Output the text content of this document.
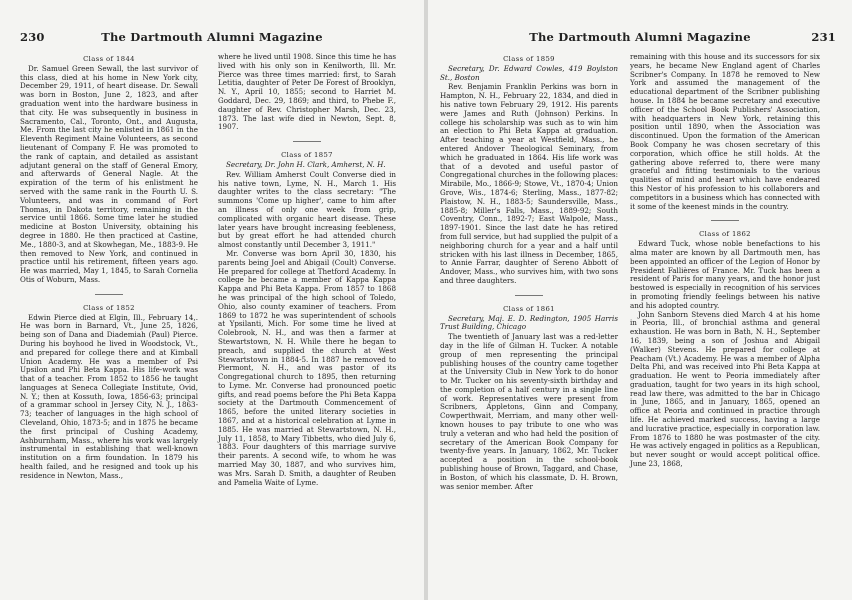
230	The Dartmouth Alumni Magazine
Class of 1844

Dr. Samuel Green Sewall, the last survivor of this class, died at his home in New York city, December 29, 1911, of heart disease. Dr. Sewall was born in Boston, June 2, 1823, and after graduation went into the hardware business in that city. He was subsequently in business in Sacramento, Cal., Toronto, Ont., and Augusta, Me. From the last city he enlisted in 1861 in the Eleventh Regiment Maine Volunteers, as second lieutenant of Company F. He was promoted to the rank of captain, and detailed as assistant adjutant general on the staff of General Emory, and afterwards of General Nagle. At the expiration of the term of his enlistment he served with the same rank in the Fourth U. S. Volunteers, and was in command of Fort Thomas, in Dakota territory, remaining in the service until 1866. Some time later he studied medicine at Boston University, obtaining his degree in 1880. He then practiced at Castine, Me., 1880-3, and at Skowhegan, Me., 1883-9. He then removed to New York, and continued in practice until his retirement, fifteen years ago. He was married, May 1, 1845, to Sarah Cornelia Otis of Woburn, Mass.

Class of 1852

Edwin Pierce died at Elgin, Ill., February 14,. He was born in Barnard, Vt., June 25, 1826, being son of Dana and Diademiah (Paul) Pierce. During his boyhood he lived in Woodstock, Vt., and prepared for college there and at Kimball Union Academy. He was a member of Psi Upsilon and Phi Beta Kappa. His life-work was that of a teacher. From 1852 to 1856 he taught languages at Seneca Collegiate Institute, Ovid, N. Y.; then at Kossuth, Iowa, 1856-63; principal of a grammar school in Jersey City, N. J., 1863-73; teacher of languages in the high school of Cleveland, Ohio, 1873-5; and in 1875 he became the first principal of Cushing Academy, Ashburnham, Mass., where his work was largely instrumental in establishing that well-known institution on a firm foundation. In 1879 his health failed, and he resigned and took up his residence in Newton, Mass.,

where he lived until 1908. Since this time he has lived with his only son in Kenilworth, Ill. Mr. Pierce was three times married: first, to Sarah Letitia, daughter of Peter De Forest of Brooklyn, N. Y., April 10, 1855; second to Harriet M. Goddard, Dec. 29, 1869; and third, to Phebe F., daughter of Rev. Christopher Marsh, Dec. 23, 1873. The last wife died in Newton, Sept. 8, 1907.

Class of 1857

Secretary, Dr. John H. Clark, Amherst, N. H.

Rev. William Amherst Coult Converse died in his native town, Lyme, N. H., March 1. His daughter writes to the class secretary: "The summons 'Come up higher', came to him after an illness of only one week from grip, complicated with organic heart disease. These later years have brought increasing feebleness, but by great effort he had attended church almost constantly until December 3, 1911."

Mr. Converse was born April 30, 1830, his parents being Joel and Abigail (Coult) Converse. He prepared for college at Thetford Academy. In college he became a member of Kappa Kappa Kappa and Phi Beta Kappa. From 1857 to 1868 he was principal of the high school of Toledo, Ohio, also county examiner of teachers. From 1869 to 1872 he was superintendent of schools at Ypsilanti, Mich. For some time he lived at Colebrook, N. H., and was then a farmer at Stewartstown, N. H. While there he began to preach, and supplied the church at West Stewartstown in 1884-5. In 1887 he removed to Piermont, N. H., and was pastor of its Congregational church to 1895, then returning to Lyme. Mr. Converse had pronounced poetic gifts, and read poems before the Phi Beta Kappa society at the Dartmouth Commencement of 1865, before the united literary societies in 1867, and at a historical celebration at Lyme in 1885. He was married at Stewartstown, N. H., July 11, 1858, to Mary Tibbetts, who died July 6, 1883. Four daughters of this marriage survive their parents. A second wife, to whom he was married May 30, 1887, and who survives him, was Mrs. Sarah D. Smith, a daughter of Reuben and Pamelia Waite of Lyme.

The Dartmouth Alumni Magazine	231
Class of 1859

Secretary, Dr. Edward Cowles, 419 Boylston St., Boston

Rev. Benjamin Franklin Perkins was born in Hampton, N. H., February 22, 1834, and died in his native town February 29, 1912. His parents were James and Ruth (Johnson) Perkins. In college his scholarship was such as to win him an election to Phi Beta Kappa at graduation. After teaching a year at Westfield, Mass., he entered Andover Theological Seminary, from which he graduated in 1864. His life work was that of a devoted and useful pastor of Congregational churches in the following places: Mirabile, Mo., 1866-9; Stowe, Vt., 1870-4; Union Grove, Wis., 1874-6; Sterling, Mass., 1877-82; Plaistow, N. H., 1883-5; Saundersville, Mass., 1885-8; Miller's Falls, Mass., 1889-92; South Coventry, Conn., 1892-7; East Walpole, Mass., 1897-1901. Since the last date he has retired from full service, but had supplied the pulpit of a neighboring church for a year and a half until stricken with his last illness in December, 1865, to Annie Farrar, daughter of Sereno Abbott of Andover, Mass., who survives him, with two sons and three daughters.

Class of 1861

Secretary, Maj. E. D. Redington, 1905 Harris Trust Building, Chicago

The twentieth of January last was a red-letter day in the life of Gilman H. Tucker. A notable group of men representing the principal publishing houses of the country came together at the University Club in New York to do honor to Mr. Tucker on his seventy-sixth birthday and the completion of a half century in a single line of work. Representatives were present from Scribners, Appletons, Ginn and Company, Cowperthwait, Merriam, and many other well-known houses to pay tribute to one who was truly a veteran and who had held the position of secretary of the American Book Company for twenty-five years. In January, 1862, Mr. Tucker accepted a position in the school-book publishing house of Brown, Taggard, and Chase, in Boston, of which his classmate, D. H. Brown, was senior member. After

remaining with this house and its successors for six years, he became New England agent of Charles Scribner's Company. In 1878 he removed to New York and assumed the management of the educational department of the Scribner publishing house. In 1884 he became secretary and executive officer of the School Book Publishers' Association, with headquarters in New York, retaining this position until 1890, when the Association was discontinued. Upon the formation of the American Book Company he was chosen secretary of this corporation, which office he still holds. At the gathering above referred to, there were many graceful and fitting testimonials to the various qualities of mind and heart which have endeared this Nestor of his profession to his collaborers and competitors in a business which has connected with it some of the keenest minds in the country.

Class of 1862

Edward Tuck, whose noble benefactions to his alma mater are known by all Dartmouth men, has been appointed an officer of the Legion of Honor by President Fallières of France. Mr. Tuck has been a resident of Paris for many years, and the honor just bestowed is especially in recognition of his services in promoting friendly feelings between his native and his adopted country.

John Sanborn Stevens died March 4 at his home in Peoria, Ill., of bronchial asthma and general exhaustion. He was born in Bath, N. H., September 16, 1839, being a son of Joshua and Abigail (Walker) Stevens. He prepared for college at Peacham (Vt.) Academy. He was a member of Alpha Delta Phi, and was received into Phi Beta Kappa at graduation. He went to Peoria immediately after graduation, taught for two years in its high school, read law there, was admitted to the bar in Chicago in June, 1865, and in January, 1865, opened an office at Peoria and continued in practice through life. He achieved marked success, having a large and lucrative practice, especially in corporation law. From 1876 to 1880 he was postmaster of the city. He was actively engaged in politics as a Republican, but never sought or would accept political office. June 23, 1868,
